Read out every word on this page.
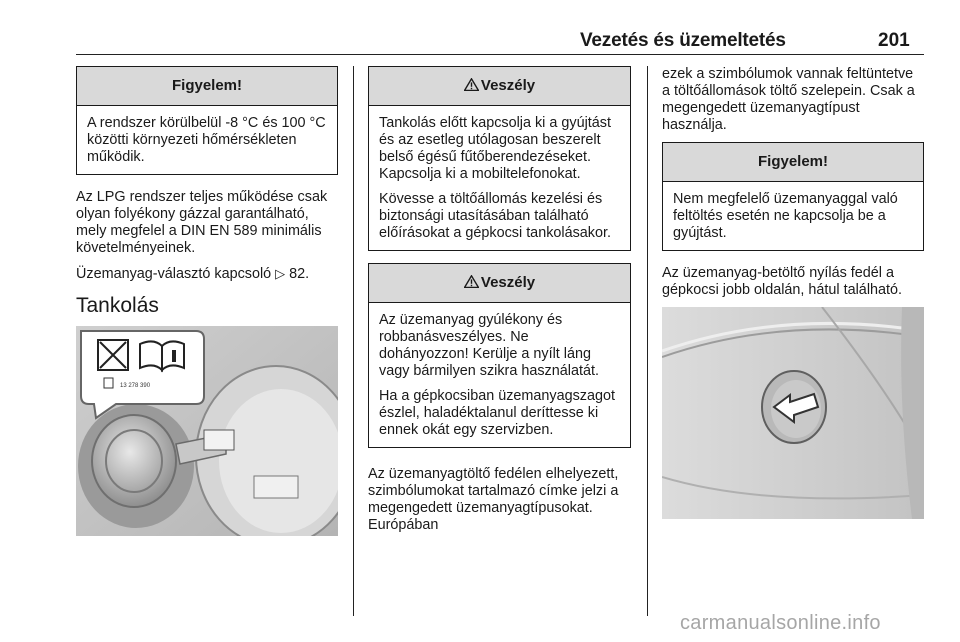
Vezetés és üzemeltetés	201
Figyelem!

A rendszer körülbelül -8 °C és 100 °C közötti környezeti hőmérsékleten működik.

Az LPG rendszer teljes működése csak olyan folyékony gázzal garantálható, mely megfelel a DIN EN 589 minimális követelményeinek.

Üzemanyag-választó kapcsoló ▷ 82.

Tankolás
13 278 390
Veszély

Tankolás előtt kapcsolja ki a gyújtást és az esetleg utólagosan beszerelt belső égésű fűtőberendezéseket. Kapcsolja ki a mobiltelefonokat.

Kövesse a töltőállomás kezelési és biztonsági utasításában található előírásokat a gépkocsi tankolásakor.

Veszély

Az üzemanyag gyúlékony és robbanásveszélyes. Ne dohányozzon! Kerülje a nyílt láng vagy bármilyen szikra használatát.

Ha a gépkocsiban üzemanyagszagot észlel, haladéktalanul deríttesse ki ennek okát egy szervizben.

Az üzemanyagtöltő fedélen elhelyezett, szimbólumokat tartalmazó címke jelzi a megengedett üzemanyagtípusokat. Európában

ezek a szimbólumok vannak feltüntetve a töltőállomások töltő szelepein. Csak a megengedett üzemanyagtípust használja.

Figyelem!

Nem megfelelő üzemanyaggal való feltöltés esetén ne kapcsolja be a gyújtást.

Az üzemanyag-betöltő nyílás fedél a gépkocsi jobb oldalán, hátul található.

carmanualsonline.info
